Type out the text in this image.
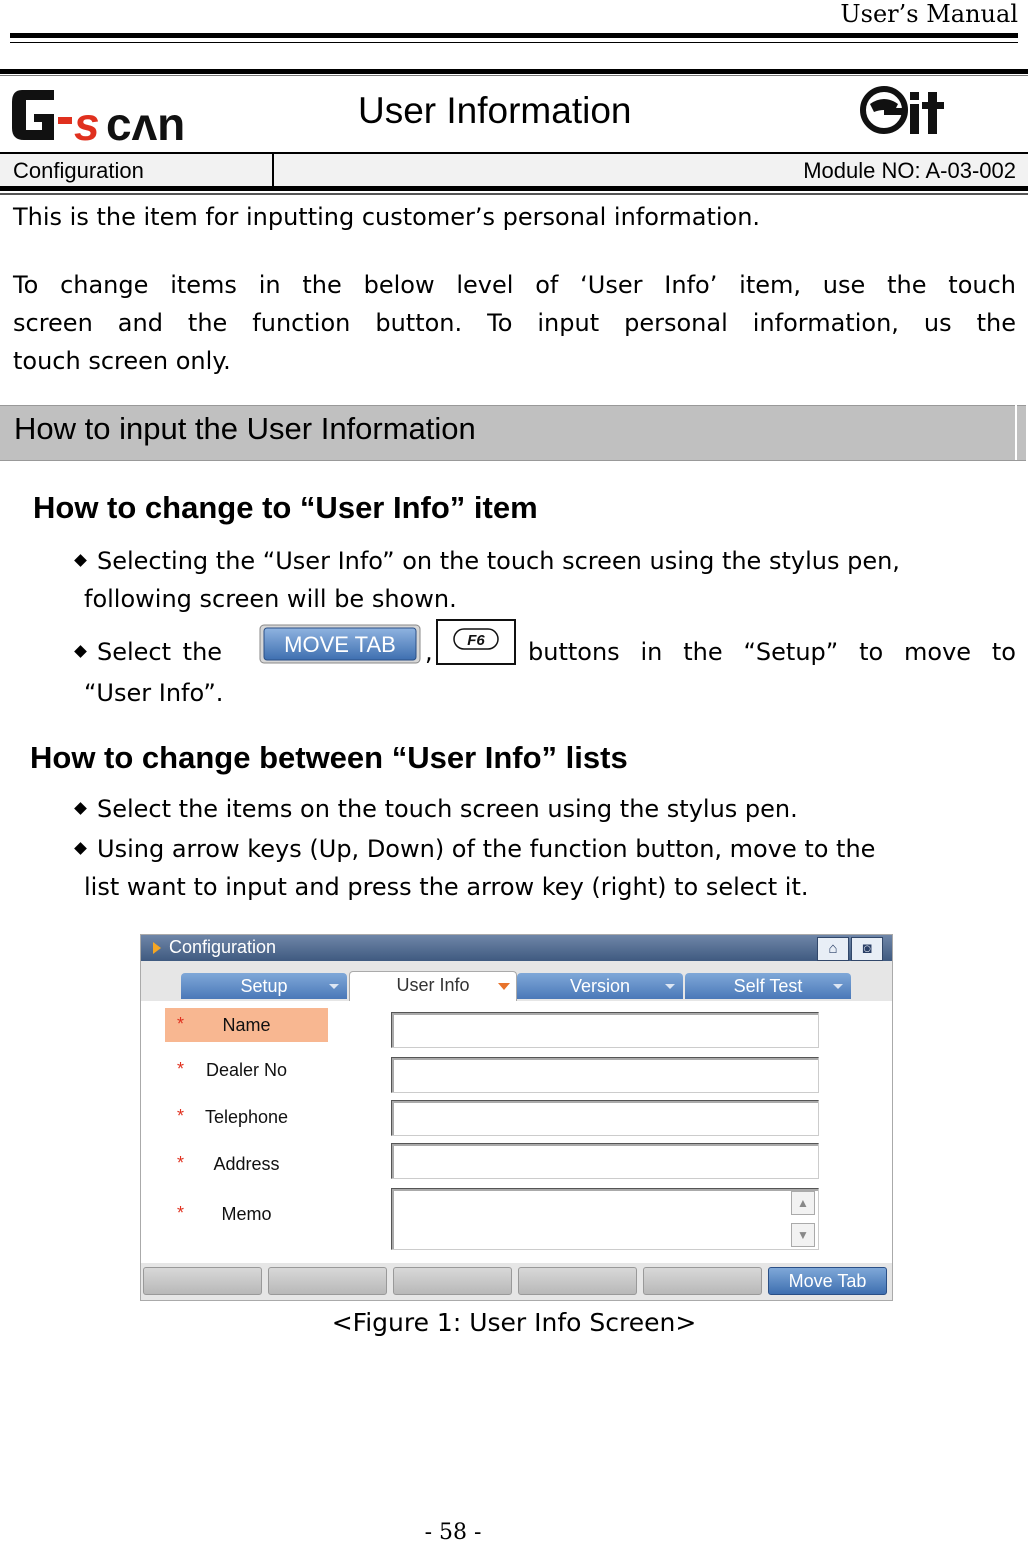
User’s Manual
s cʌn	User Information
Configuration	Module NO: A-03-002
This is the item for inputting customer’s personal information.
To change items in the below level of ‘User Info’ item, use the touch
screen and the function button. To input personal information, us the
touch screen only.
How to input the User Information
How to change to “User Info” item
Selecting the “User Info” on the touch screen using the stylus pen,
following screen will be shown.
Select the	MOVE TAB , F6 buttons in the “Setup” to move to
“User Info”.
How to change between “User Info” lists
Select the items on the touch screen using the stylus pen.
Using arrow keys (Up, Down) of the function button, move to the
list want to input and press the arrow key (right) to select it.
Configuration	⌂	◙
Setup	User Info	Version	Self Test
Name
*
Dealer No
*
Telephone
*
Address
*
Memo
*	▲
▼
Move Tab
<Figure 1: User Info Screen>
- 58 -
